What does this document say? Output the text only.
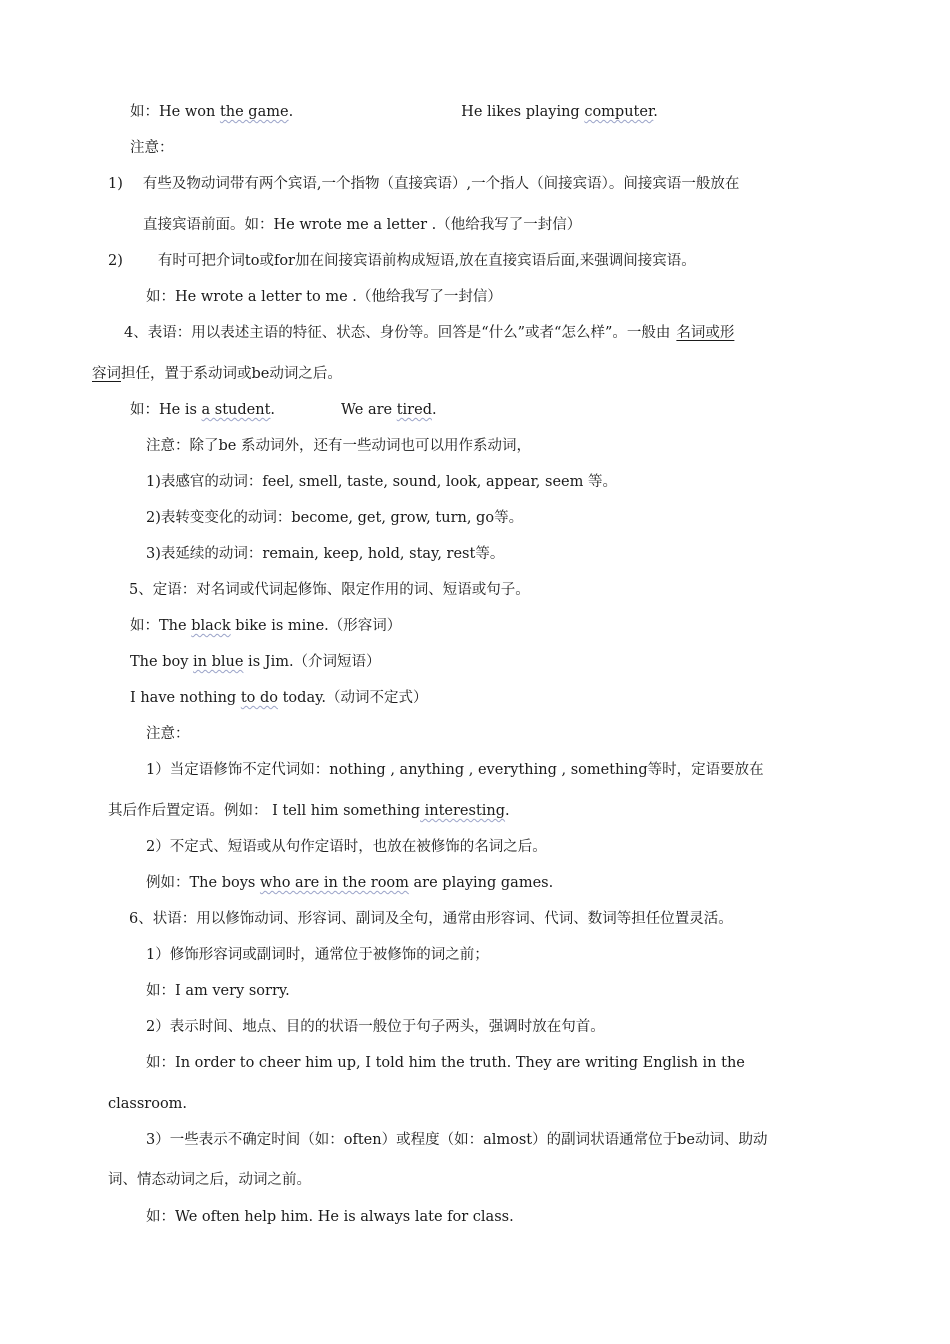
如：He won the game.	He likes playing computer.
注意：
1) 有些及物动词带有两个宾语,一个指物（直接宾语）,一个指人（间接宾语）。间接宾语一般放在
直接宾语前面。如：He wrote me a letter .（他给我写了一封信）
2) 有时可把介词to或for加在间接宾语前构成短语,放在直接宾语后面,来强调间接宾语。
如：He wrote a letter to me .（他给我写了一封信）
4、表语：用以表述主语的特征、状态、身份等。回答是“什么”或者“怎么样”。一般由 名词或形
容词担任，置于系动词或be动词之后。
如：He is a student.	We are tired.
注意：除了be 系动词外，还有一些动词也可以用作系动词，
1)表感官的动词：feel, smell, taste, sound, look, appear, seem 等。
2)表转变变化的动词：become, get, grow, turn, go等。
3)表延续的动词：remain, keep, hold, stay, rest等。
5、定语：对名词或代词起修饰、限定作用的词、短语或句子。
如：The black bike is mine.（形容词）
The boy in blue is Jim.（介词短语）
I have nothing to do today.（动词不定式）
注意：
1）当定语修饰不定代词如：nothing , anything , everything , something等时，定语要放在
其后作后置定语。例如： I tell him something interesting.
2）不定式、短语或从句作定语时，也放在被修饰的名词之后。
例如：The boys who are in the room are playing games.
6、状语：用以修饰动词、形容词、副词及全句，通常由形容词、代词、数词等担任位置灵活。
1）修饰形容词或副词时，通常位于被修饰的词之前；
如：I am very sorry.
2）表示时间、地点、目的的状语一般位于句子两头，强调时放在句首。
如：In order to cheer him up, I told him the truth. They are writing English in the
classroom.
3）一些表示不确定时间（如：often）或程度（如：almost）的副词状语通常位于be动词、助动
词、情态动词之后，动词之前。
如：We often help him. He is always late for class.
